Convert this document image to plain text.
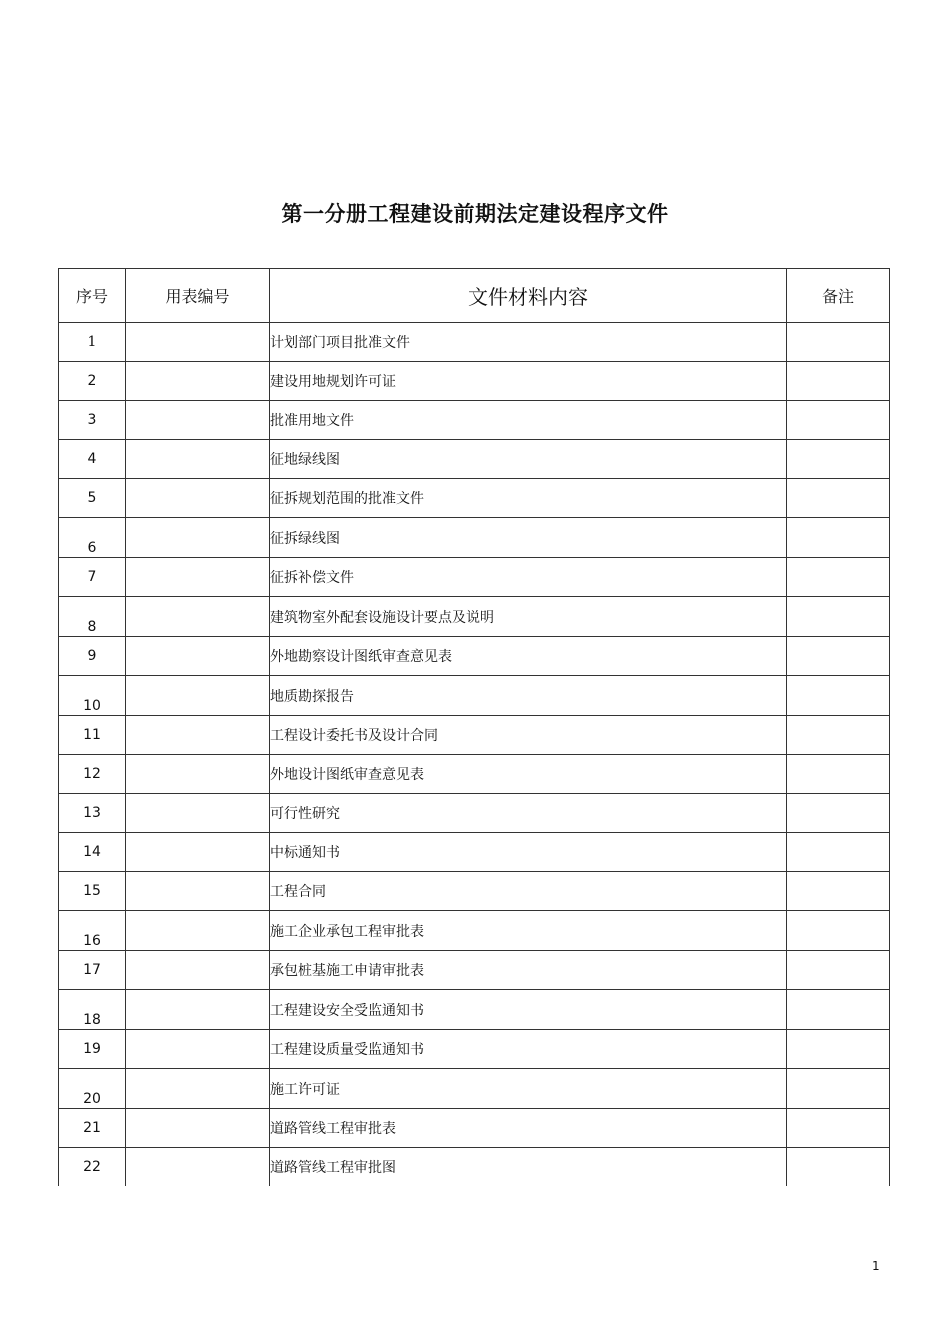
第一分册工程建设前期法定建设程序文件
序号	用表编号	文件材料内容	备注
1		计划部门项目批准文件	
2		建设用地规划许可证	
3		批准用地文件	
4		征地绿线图	
5		征拆规划范围的批准文件	
6		征拆绿线图	
7		征拆补偿文件	
8		建筑物室外配套设施设计要点及说明	
9		外地勘察设计图纸审查意见表	
10		地质勘探报告	
11		工程设计委托书及设计合同	
12		外地设计图纸审查意见表	
13		可行性研究	
14		中标通知书	
15		工程合同	
16		施工企业承包工程审批表	
17		承包桩基施工申请审批表	
18		工程建设安全受监通知书	
19		工程建设质量受监通知书	
20		施工许可证	
21		道路管线工程审批表	
22		道路管线工程审批图	
1
